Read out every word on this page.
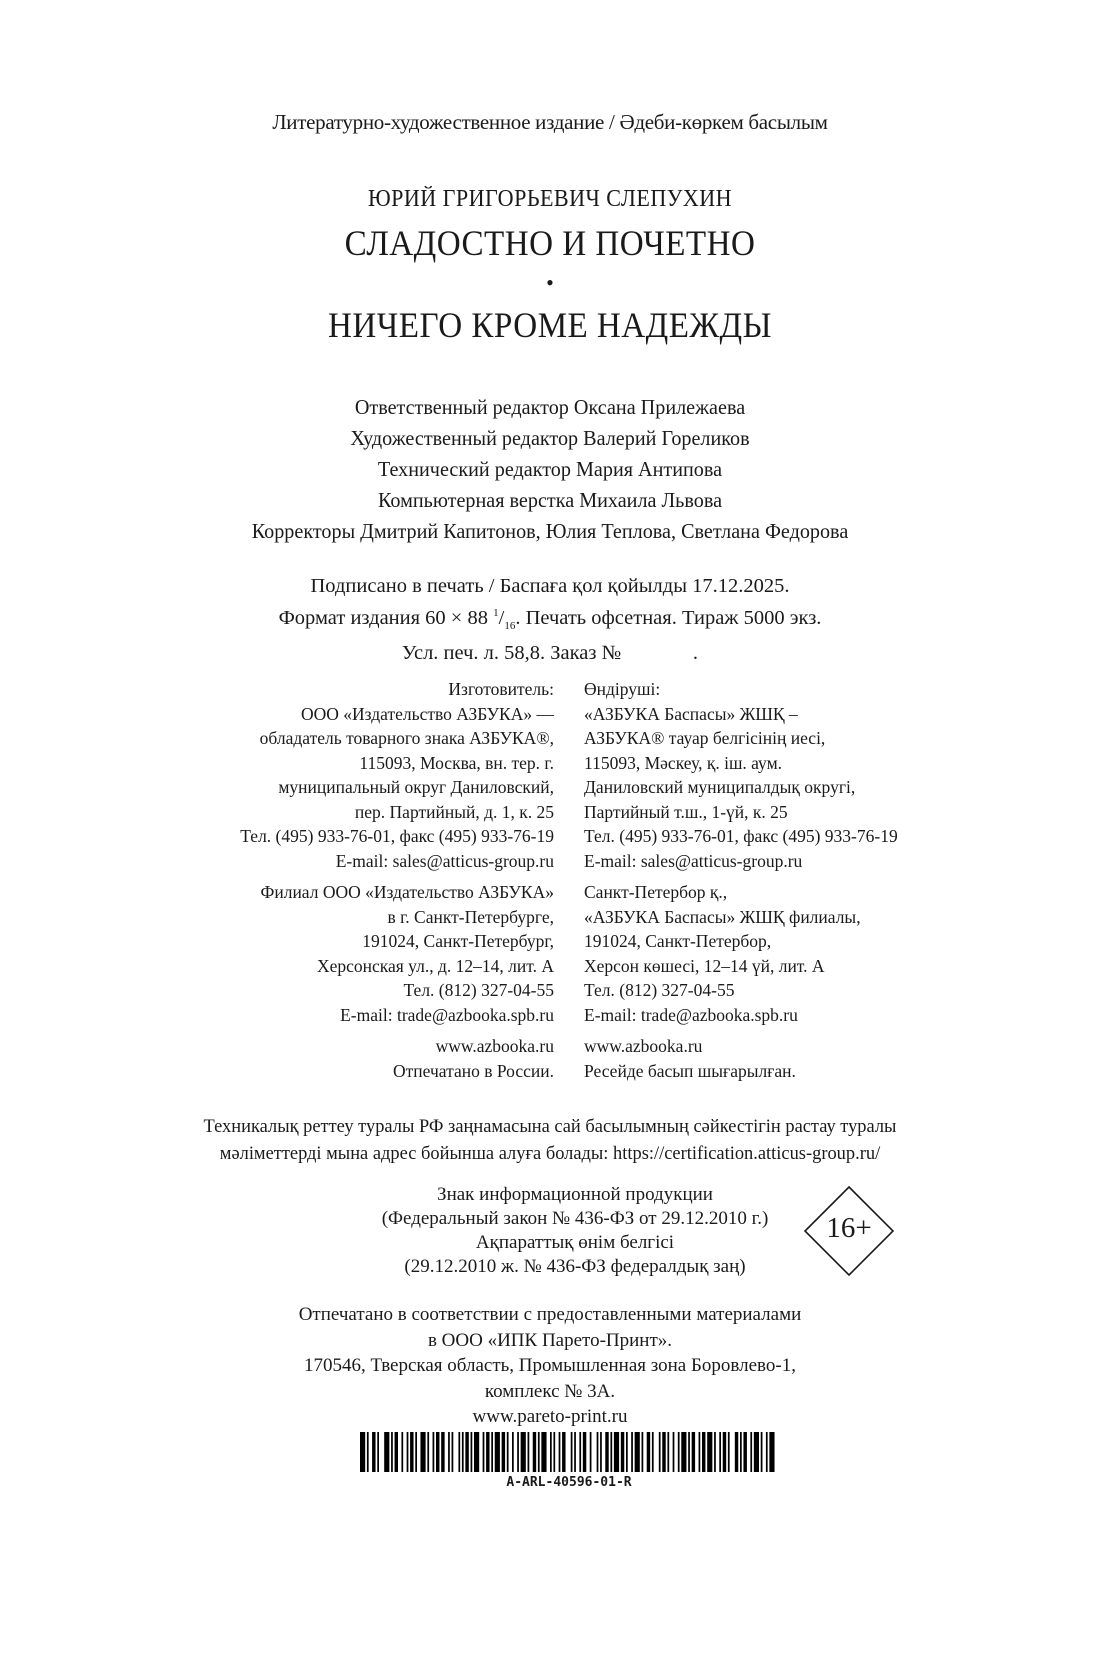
Литературно-художественное издание / Әдеби-көркем басылым
ЮРИЙ ГРИГОРЬЕВИЧ СЛЕПУХИН
СЛАДОСТНО И ПОЧЕТНО
•
НИЧЕГО КРОМЕ НАДЕЖДЫ
Ответственный редактор Оксана Прилежаева
Художественный редактор Валерий Гореликов
Технический редактор Мария Антипова
Компьютерная верстка Михаила Львова
Корректоры Дмитрий Капитонов, Юлия Теплова, Светлана Федорова
Подписано в печать / Баспаға қол қойылды 17.12.2025.
Формат издания 60 × 88 $^1/_{16}$. Печать офсетная. Тираж 5000 экз.
Усл. печ. л. 58,8. Заказ №              .
Изготовитель:
ООО «Издательство АЗБУКА» —
обладатель товарного знака АЗБУКА®,
115093, Москва, вн. тер. г.
муниципальный округ Даниловский,
пер. Партийный, д. 1, к. 25
Тел. (495) 933-76-01, факс (495) 933-76-19
E-mail: sales@atticus-group.ru
Филиал ООО «Издательство АЗБУКА»
в г. Санкт-Петербурге,
191024, Санкт-Петербург,
Херсонская ул., д. 12–14, лит. А
Тел. (812) 327-04-55
E-mail: trade@azbooka.spb.ru
www.azbooka.ru
Отпечатано в России.
Өндіруші:
«АЗБУКА Баспасы» ЖШҚ –
АЗБУКА® тауар белгісінің иесі,
115093, Мәскеу, қ. іш. аум.
Даниловский муниципалдық округі,
Партийный т.ш., 1-үй, к. 25
Тел. (495) 933-76-01, факс (495) 933-76-19
E-mail: sales@atticus-group.ru
Санкт-Петербор қ.,
«АЗБУКА Баспасы» ЖШҚ филиалы,
191024, Санкт-Петербор,
Херсон көшесі, 12–14 үй, лит. А
Тел. (812) 327-04-55
E-mail: trade@azbooka.spb.ru
www.azbooka.ru
Ресейде басып шығарылған.
Техникалық реттеу туралы РФ заңнамасына сай басылымның сәйкестігін растау туралы
мәліметтерді мына адрес бойынша алуға болады: https://certification.atticus-group.ru/
Знак информационной продукции
(Федеральный закон № 436-ФЗ от 29.12.2010 г.)
Ақпараттық өнім белгісі
(29.12.2010 ж. № 436-ФЗ федералдық заң)
16+
Отпечатано в соответствии с предоставленными материалами
в ООО «ИПК Парето-Принт».
170546, Тверская область, Промышленная зона Боровлево-1,
комплекс № 3А.
www.pareto-print.ru
A-ARL-40596-01-R
